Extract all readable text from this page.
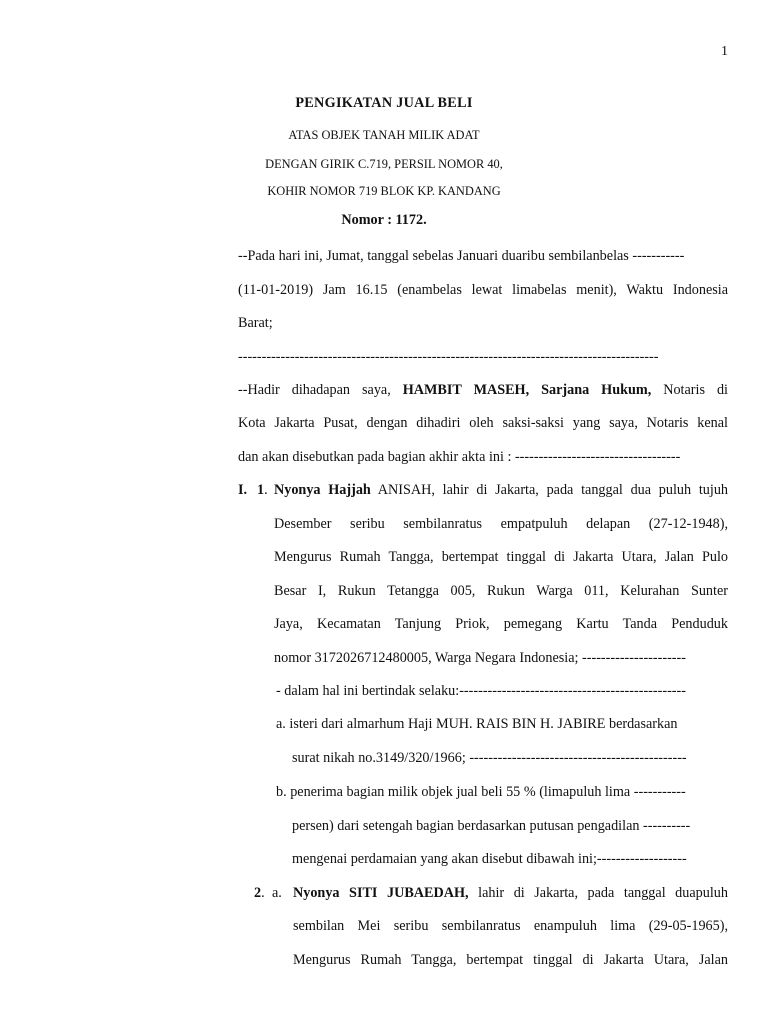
1
PENGIKATAN JUAL BELI
ATAS OBJEK TANAH MILIK ADAT
DENGAN GIRIK C.719, PERSIL NOMOR 40,
KOHIR NOMOR 719 BLOK KP. KANDANG
Nomor : 1172.
--Pada hari ini, Jumat, tanggal sebelas Januari duaribu sembilanbelas -----------
(11-01-2019) Jam 16.15 (enambelas lewat limabelas menit), Waktu Indonesia
Barat;
-----------------------------------------------------------------------------------------
--Hadir dihadapan saya, HAMBIT MASEH, Sarjana Hukum, Notaris di
Kota Jakarta Pusat, dengan dihadiri oleh saksi-saksi yang saya, Notaris kenal
dan akan disebutkan pada bagian akhir akta ini : -----------------------------------
I. 1. Nyonya Hajjah ANISAH, lahir di Jakarta, pada tanggal dua puluh tujuh
Desember seribu sembilanratus empatpuluh delapan (27-12-1948),
Mengurus Rumah Tangga, bertempat tinggal di Jakarta Utara, Jalan Pulo
Besar I, Rukun Tetangga 005, Rukun Warga 011, Kelurahan Sunter
Jaya, Kecamatan Tanjung Priok, pemegang Kartu Tanda Penduduk
nomor 3172026712480005, Warga Negara Indonesia; ----------------------
- dalam hal ini bertindak selaku:------------------------------------------------
a. isteri dari almarhum Haji MUH. RAIS BIN H. JABIRE berdasarkan
surat nikah no.3149/320/1966; ----------------------------------------------
b. penerima bagian milik objek jual beli 55 % (limapuluh lima -----------
persen) dari setengah bagian berdasarkan putusan pengadilan ----------
mengenai perdamaian yang akan disebut dibawah ini;-------------------
2. a. Nyonya SITI JUBAEDAH, lahir di Jakarta, pada tanggal duapuluh
sembilan Mei seribu sembilanratus enampuluh lima (29-05-1965),
Mengurus Rumah Tangga, bertempat tinggal di Jakarta Utara, Jalan
